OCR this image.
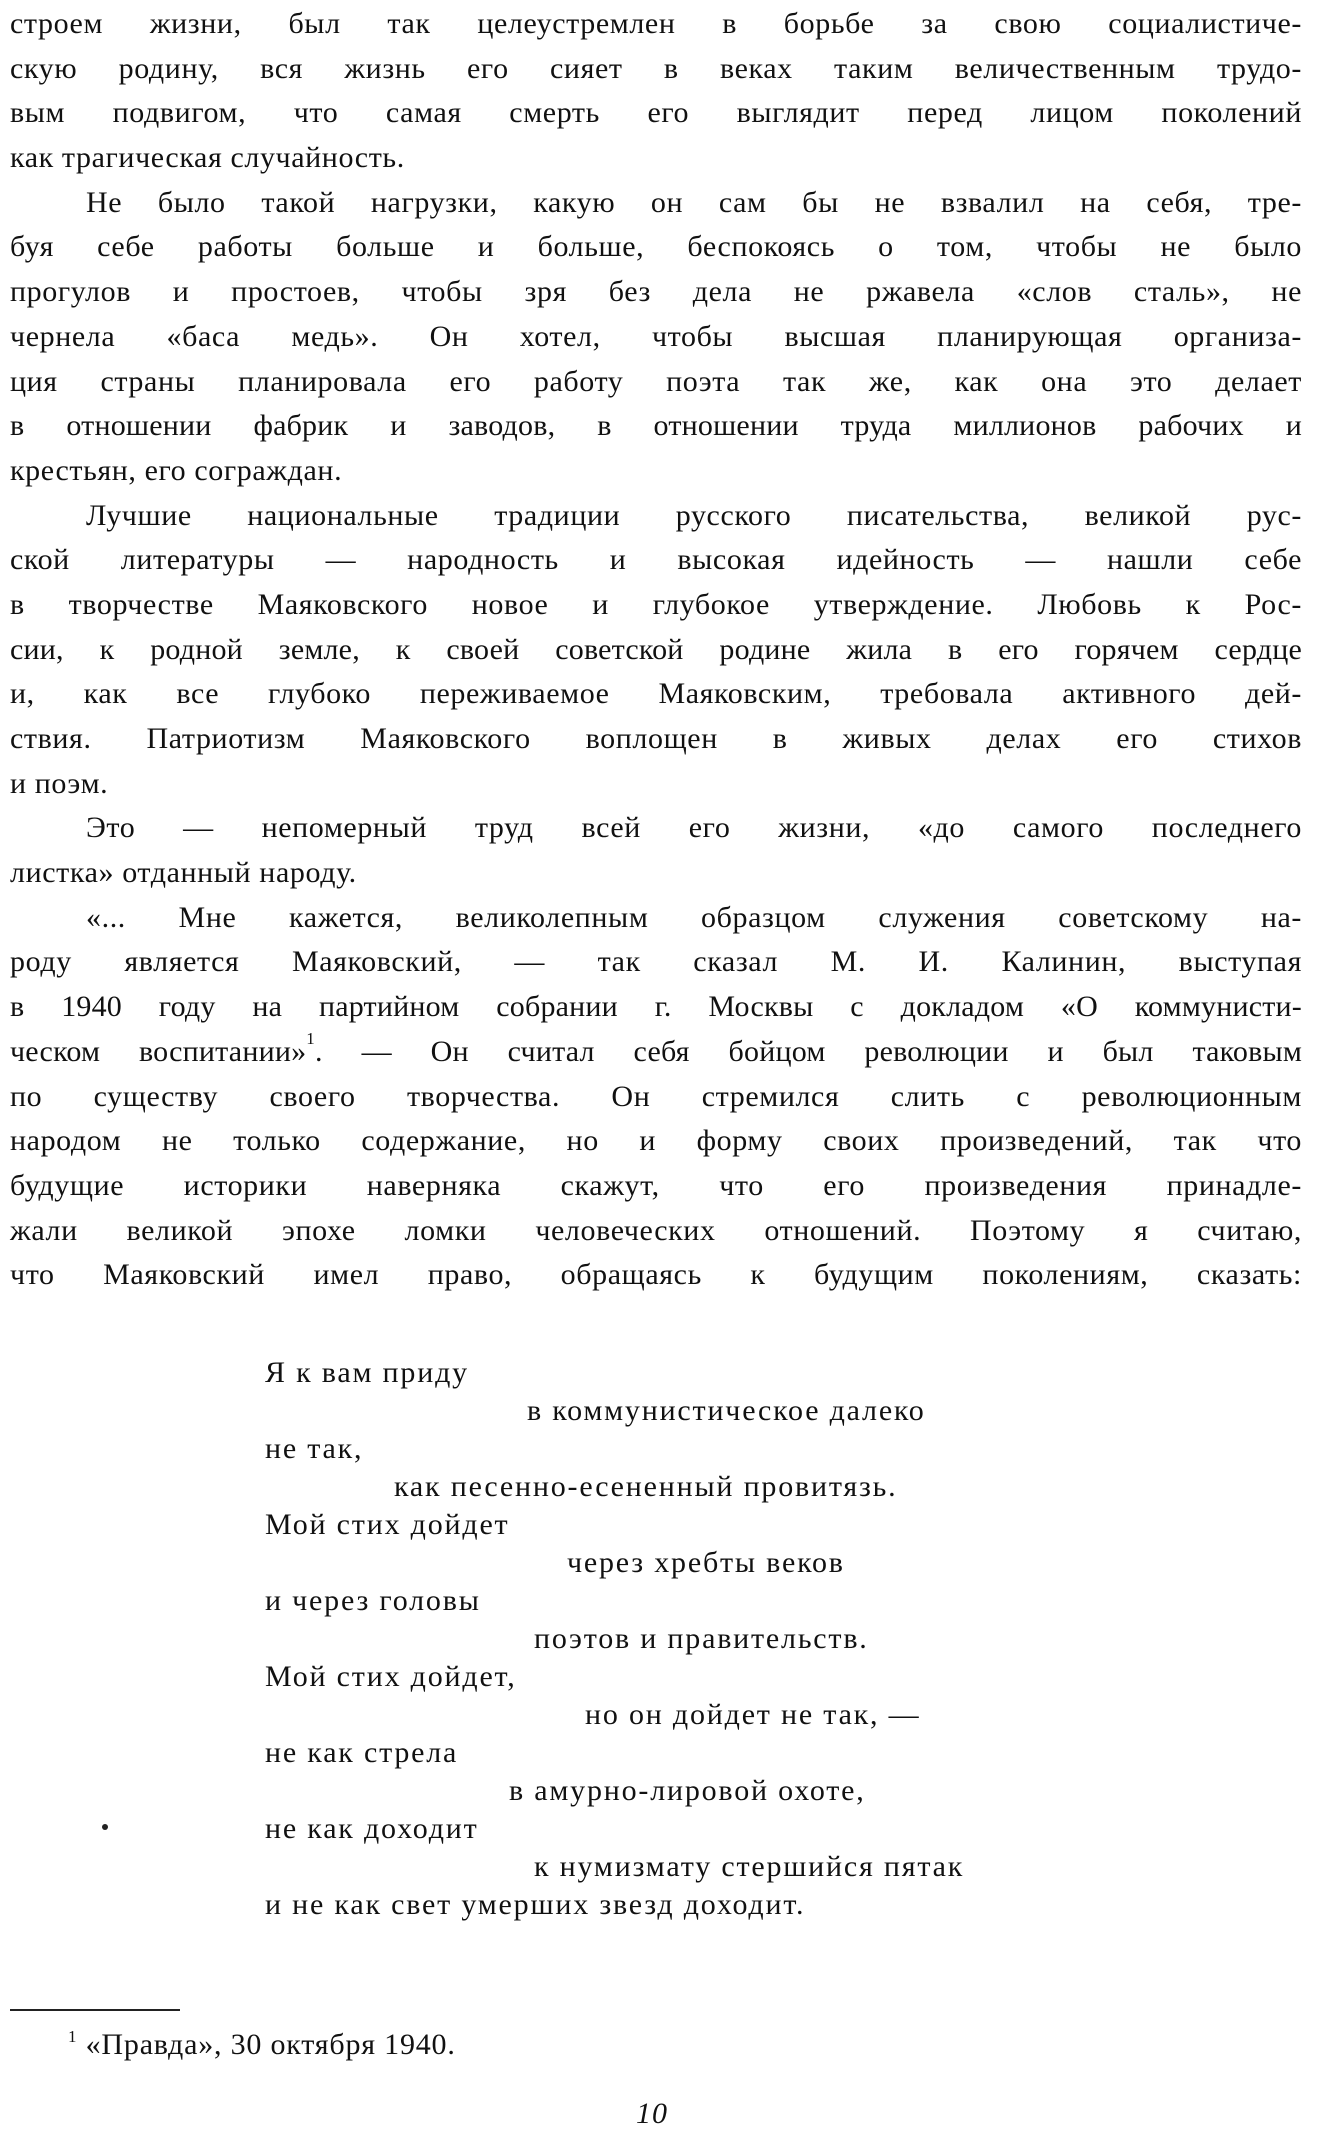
строем жизни, был так целеустремлен в борьбе за свою социалистиче-
скую родину, вся жизнь его сияет в веках таким величественным трудо-
вым подвигом, что самая смерть его выглядит перед лицом поколений
как трагическая случайность.
Не было такой нагрузки, какую он сам бы не взвалил на себя, тре-
буя себе работы больше и больше, беспокоясь о том, чтобы не было
прогулов и простоев, чтобы зря без дела не ржавела «слов сталь», не
чернела «баса медь». Он хотел, чтобы высшая планирующая организа-
ция страны планировала его работу поэта так же, как она это делает
в отношении фабрик и заводов, в отношении труда миллионов рабочих и
крестьян, его сограждан.
Лучшие национальные традиции русского писательства, великой рус-
ской литературы — народность и высокая идейность — нашли себе
в творчестве Маяковского новое и глубокое утверждение. Любовь к Рос-
сии, к родной земле, к своей советской родине жила в его горячем сердце
и, как все глубоко переживаемое Маяковским, требовала активного дей-
ствия. Патриотизм Маяковского воплощен в живых делах его стихов
и поэм.
Это — непомерный труд всей его жизни, «до самого последнего
листка» отданный народу.
«... Мне кажется, великолепным образцом служения советскому на-
роду является Маяковский, — так сказал М. И. Калинин, выступая
в 1940 году на партийном собрании г. Москвы с докладом «О коммунисти-
ческом воспитании»$^1$. — Он считал себя бойцом революции и был таковым
по существу своего творчества. Он стремился слить с революционным
народом не только содержание, но и форму своих произведений, так что
будущие историки наверняка скажут, что его произведения принадле-
жали великой эпохе ломки человеческих отношений. Поэтому я считаю,
что Маяковский имел право, обращаясь к будущим поколениям, сказать:
Я к вам приду
в коммунистическое далеко
не так,
как песенно-есененный провитязь.
Мой стих дойдет
через хребты веков
и через головы
поэтов и правительств.
Мой стих дойдет,
но он дойдет не так, —
не как стрела
в амурно-лировой охоте,
не как доходит
к нумизмату стершийся пятак
и не как свет умерших звезд доходит.
$^1$ «Правда», 30 октября 1940.
10
